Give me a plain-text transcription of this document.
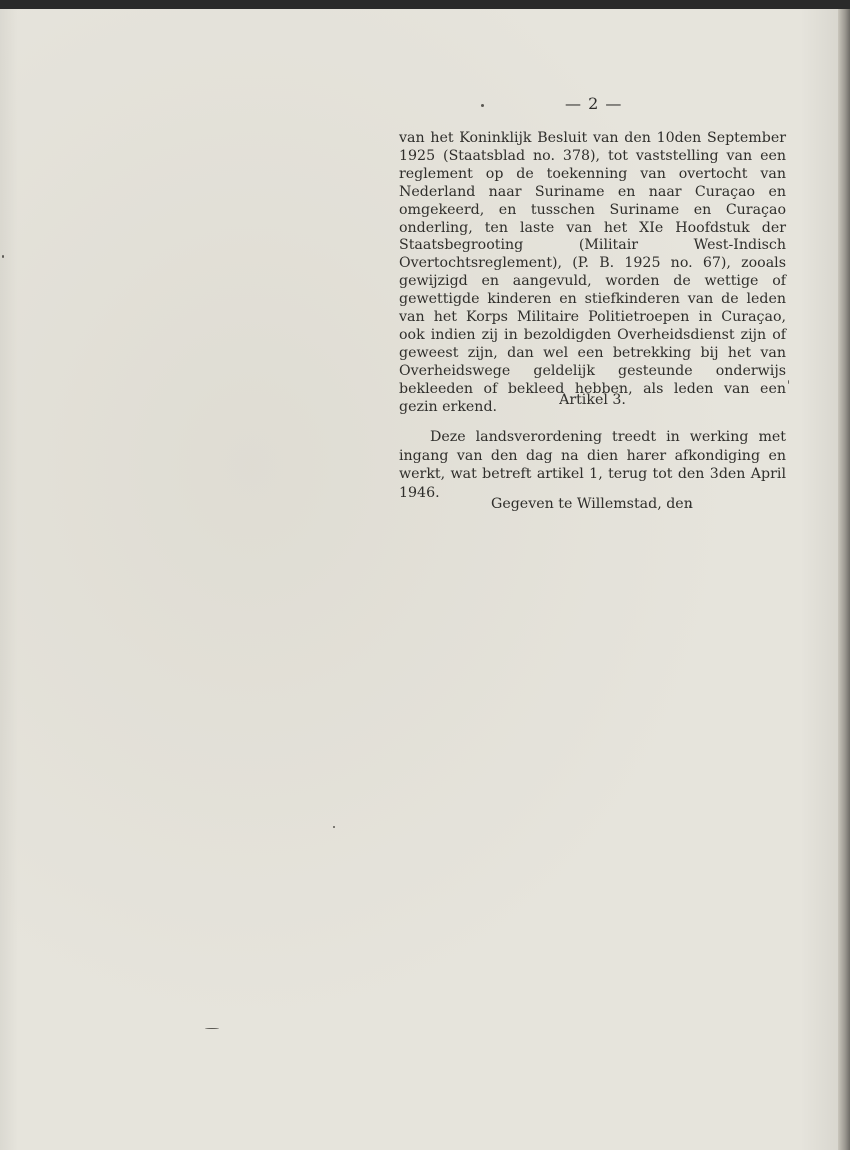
— 2 —

van het Koninklijk Besluit van den 10den September 1925 (Staatsblad no. 378), tot vaststelling van een reglement op de toekenning van overtocht van Nederland naar Suriname en naar Curaçao en omgekeerd, en tusschen Suriname en Curaçao onderling, ten laste van het XIe Hoofdstuk der Staatsbegrooting (Militair West-Indisch Overtochtsreglement), (P. B. 1925 no. 67), zooals gewijzigd en aangevuld, worden de wettige of gewettigde kinderen en stiefkinderen van de leden van het Korps Militaire Politietroepen in Curaçao, ook indien zij in bezoldigden Overheidsdienst zijn of geweest zijn, dan wel een betrekking bij het van Overheidswege geldelijk gesteunde onderwijs bekleeden of bekleed hebben, als leden van een gezin erkend.	Artikel 3.

Deze landsverordening treedt in werking met ingang van den dag na dien harer afkondiging en werkt, wat betreft artikel 1, terug tot den 3den April 1946.

Gegeven te Willemstad, den
